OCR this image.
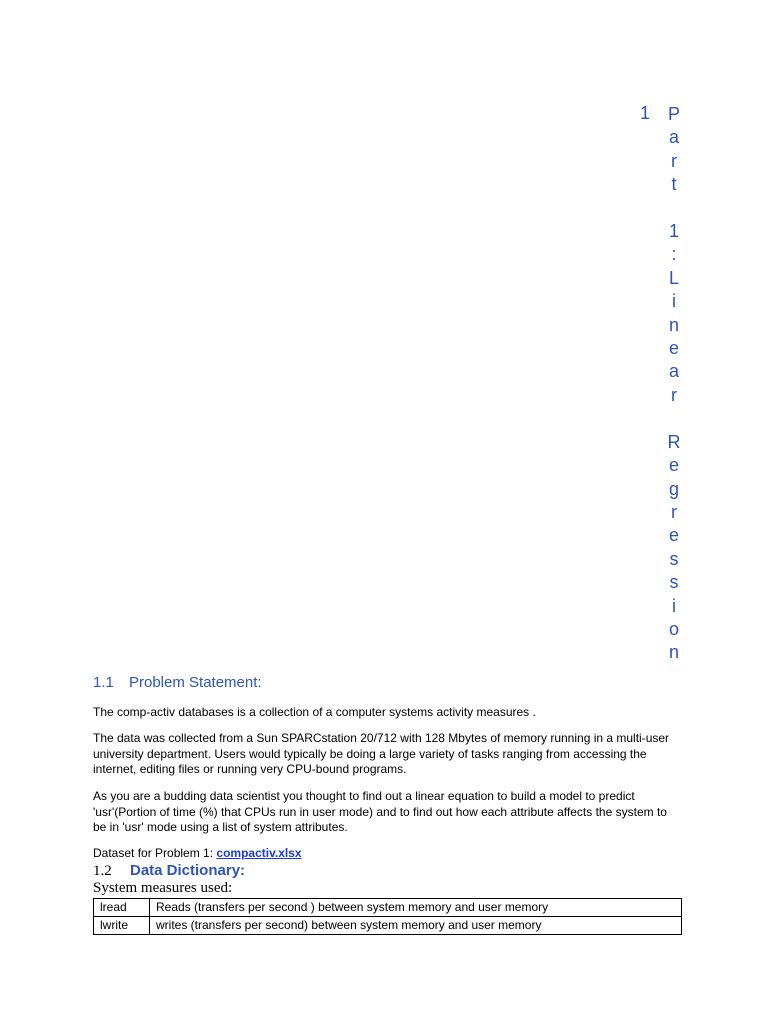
1 P
a
r
t

1
:
L
i
n
e
a
r

R
e
g
r
e
s
s
i
o
n
1.1 Problem Statement:
The comp-activ databases is a collection of a computer systems activity measures .
The data was collected from a Sun SPARCstation 20/712 with 128 Mbytes of memory running in a multi-user university department. Users would typically be doing a large variety of tasks ranging from accessing the internet, editing files or running very CPU-bound programs.
As you are a budding data scientist you thought to find out a linear equation to build a model to predict 'usr'(Portion of time (%) that CPUs run in user mode) and to find out how each attribute affects the system to be in 'usr' mode using a list of system attributes.
Dataset for Problem 1: compactiv.xlsx
1.2 Data Dictionary:
System measures used:
lread	Reads (transfers per second ) between system memory and user memory
lwrite	writes (transfers per second) between system memory and user memory
